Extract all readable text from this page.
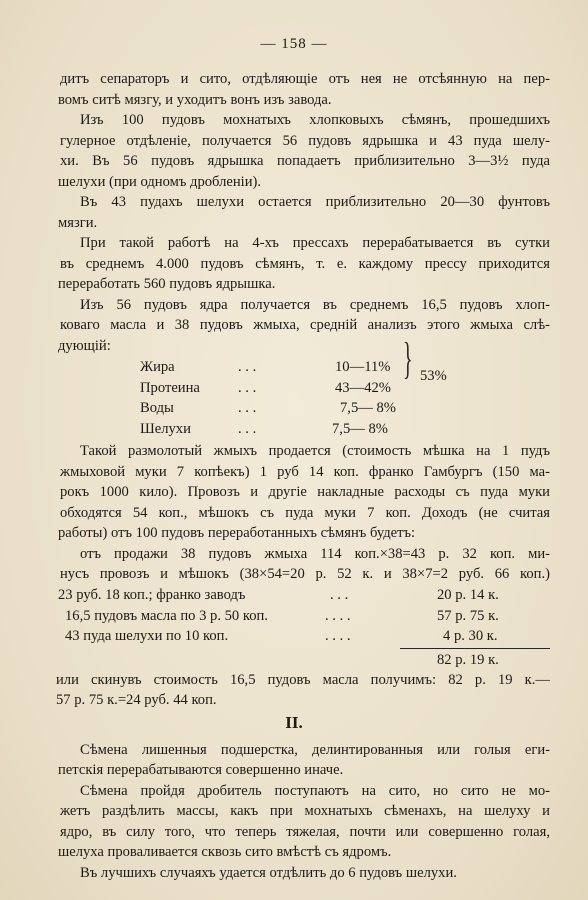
— 158 —
дитъ сепараторъ и сито, отдѣляющіе отъ нея не отсѣянную на пер-
вомъ ситѣ мязгу, и уходитъ вонъ изъ завода.
Изъ 100 пудовъ мохнатыхъ хлопковыхъ сѣмянъ, прошедшихъ
гулерное отдѣленіе, получается 56 пудовъ ядрышка и 43 пуда шелу-
хи. Въ 56 пудовъ ядрышка попадаетъ приблизительно 3—3½ пуда
шелухи (при одномъ дробленіи).
Въ 43 пудахъ шелухи остается приблизительно 20—30 фунтовъ
мязги.
При такой работѣ на 4-хъ прессахъ перерабатывается въ сутки
въ среднемъ 4.000 пудовъ сѣмянъ, т. е. каждому прессу приходится
переработать 560 пудовъ ядрышка.
Изъ 56 пудовъ ядра получается въ среднемъ 16,5 пудовъ хлоп-
коваго масла и 38 пудовъ жмыха, средній анализъ этого жмыха слѣ-
дующій:
Жира	. . .	10—11%
Протеина	. . .	43—42%
Воды	. . .	7,5— 8%
Шелухи	. . .	7,5— 8%
} 53%
Такой размолотый жмыхъ продается (стоимость мѣшка на 1 пудъ
жмыховой муки 7 копѣекъ) 1 руб 14 коп. франко Гамбургъ (150 ма-
рокъ 1000 кило). Провозъ и другіе накладные расходы съ пуда муки
обходятся 54 коп., мѣшокъ съ пуда муки 7 коп. Доходъ (не считая
работы) отъ 100 пудовъ переработанныхъ сѣмянъ будетъ:
отъ продажи 38 пудовъ жмыха 114 коп.×38=43 р. 32 коп. ми-
нусъ провозъ и мѣшокъ (38×54=20 р. 52 к. и 38×7=2 руб. 66 коп.)
23 руб. 18 коп.; франко заводъ	. . .	20 р. 14 к.
16,5 пудовъ масла по 3 р. 50 коп.	. . . .	57 р. 75 к.
43 пуда шелухи по 10 коп.	. . . .	4 р. 30 к.
82 р. 19 к.
или скинувъ стоимость 16,5 пудовъ масла получимъ: 82 р. 19 к.—
57 р. 75 к.=24 руб. 44 коп.
II.
Сѣмена лишенныя подшерстка, делинтированныя или голыя еги-
петскія перерабатываются совершенно иначе.
Сѣмена пройдя дробитель поступаютъ на сито, но сито не мо-
жетъ раздѣлить массы, какъ при мохнатыхъ сѣменахъ, на шелуху и
ядро, въ силу того, что теперь тяжелая, почти или совершенно голая,
шелуха проваливается сквозь сито вмѣстѣ съ ядромъ.
Въ лучшихъ случаяхъ удается отдѣлить до 6 пудовъ шелухи.
